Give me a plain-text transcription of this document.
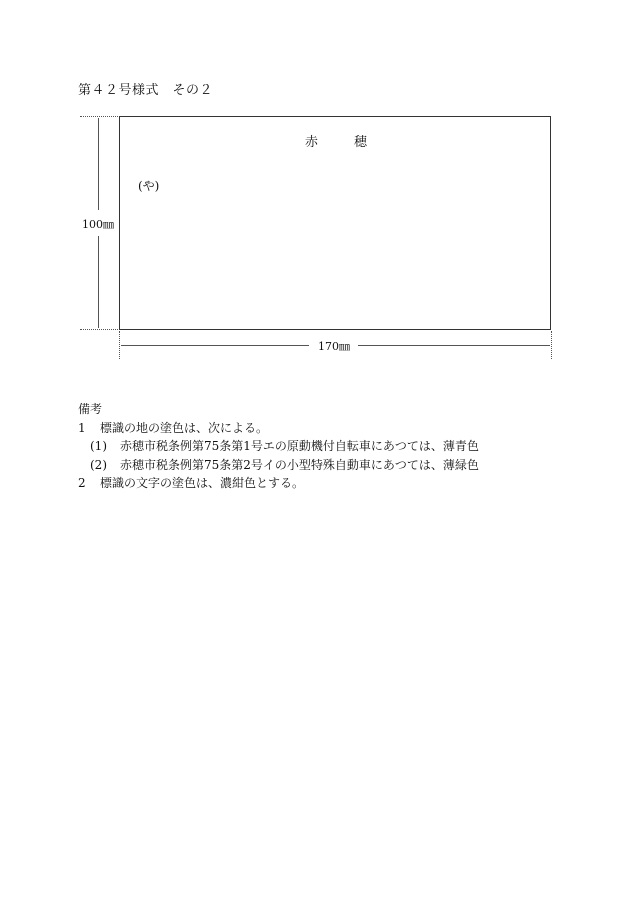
第４２号様式　その２
赤	穂
(や)
100㎜
170㎜
備考
1 標識の地の塗色は、次による。
(1) 赤穂市税条例第75条第1号エの原動機付自転車にあつては、薄青色
(2) 赤穂市税条例第75条第2号イの小型特殊自動車にあつては、薄緑色
2 標識の文字の塗色は、濃紺色とする。
